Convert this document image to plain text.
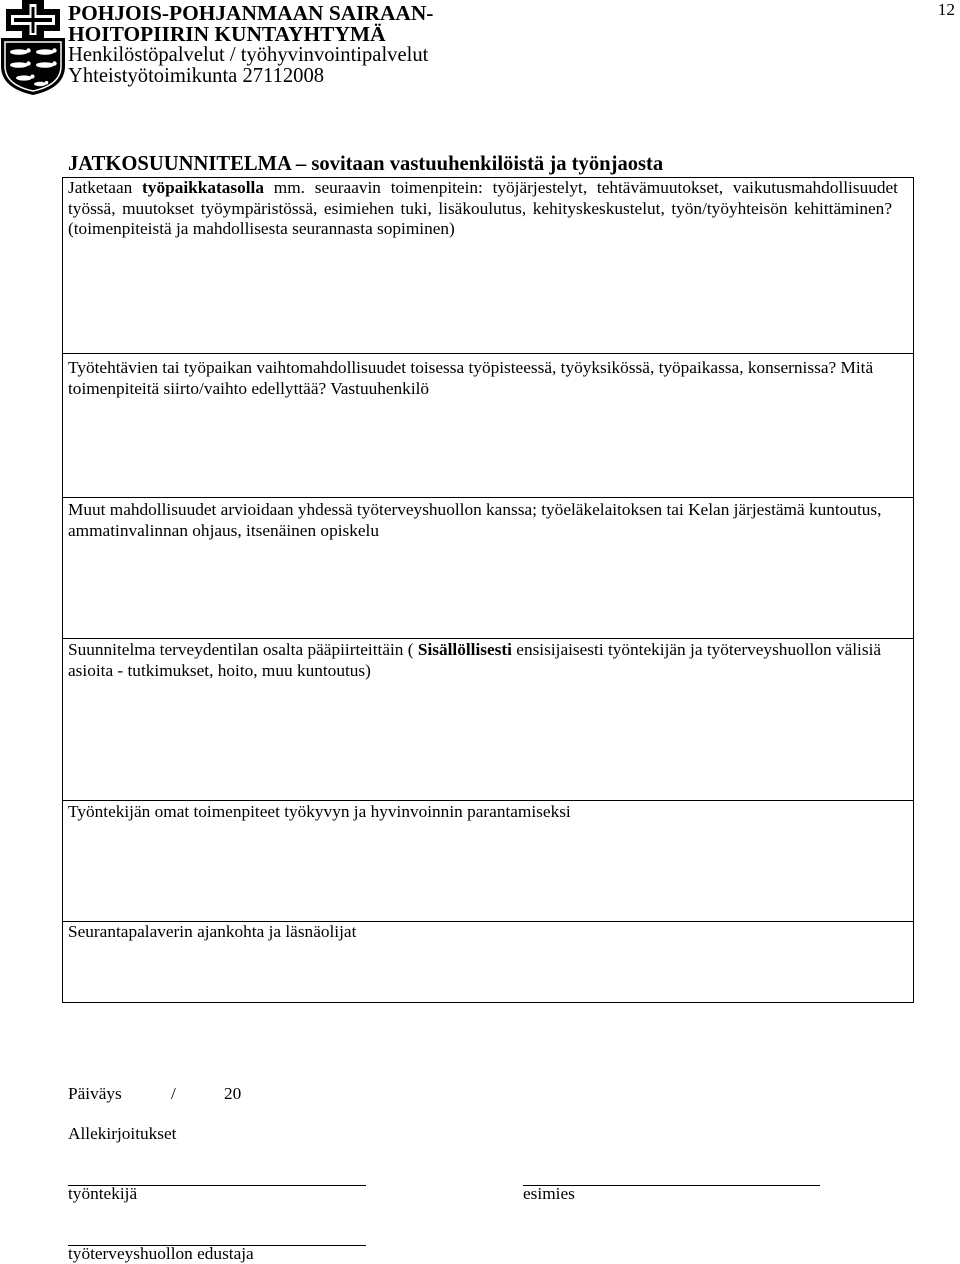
POHJOIS-POHJANMAAN SAIRAAN-
HOITOPIIRIN KUNTAYHTYMÄ
Henkilöstöpalvelut / työhyvinvointipalvelut
Yhteistyötoimikunta 27112008
12
JATKOSUUNNITELMA – sovitaan vastuuhenkilöistä ja työnjaosta
Jatketaan työpaikkatasolla mm. seuraavin toimenpitein: työjärjestelyt, tehtävämuutokset, vaikutusmahdollisuudet
työssä, muutokset työympäristössä, esimiehen tuki, lisäkoulutus, kehityskeskustelut, työn/työyhteisön kehittäminen?
(toimenpiteistä ja mahdollisesta seurannasta sopiminen)
Työtehtävien tai työpaikan vaihtomahdollisuudet toisessa työpisteessä, työyksikössä, työpaikassa, konsernissa? Mitä
toimenpiteitä siirto/vaihto edellyttää? Vastuuhenkilö
Muut mahdollisuudet arvioidaan yhdessä työterveyshuollon kanssa; työeläkelaitoksen tai Kelan järjestämä kuntoutus,
ammatinvalinnan ohjaus, itsenäinen opiskelu
Suunnitelma terveydentilan osalta pääpiirteittäin ( Sisällöllisesti ensisijaisesti työntekijän ja työterveyshuollon välisiä
asioita - tutkimukset, hoito, muu kuntoutus)
Työntekijän omat toimenpiteet työkyvyn ja hyvinvoinnin parantamiseksi
Seurantapalaverin ajankohta ja läsnäolijat
Päiväys	/	20
Allekirjoitukset
työntekijä	esimies
työterveyshuollon edustaja
